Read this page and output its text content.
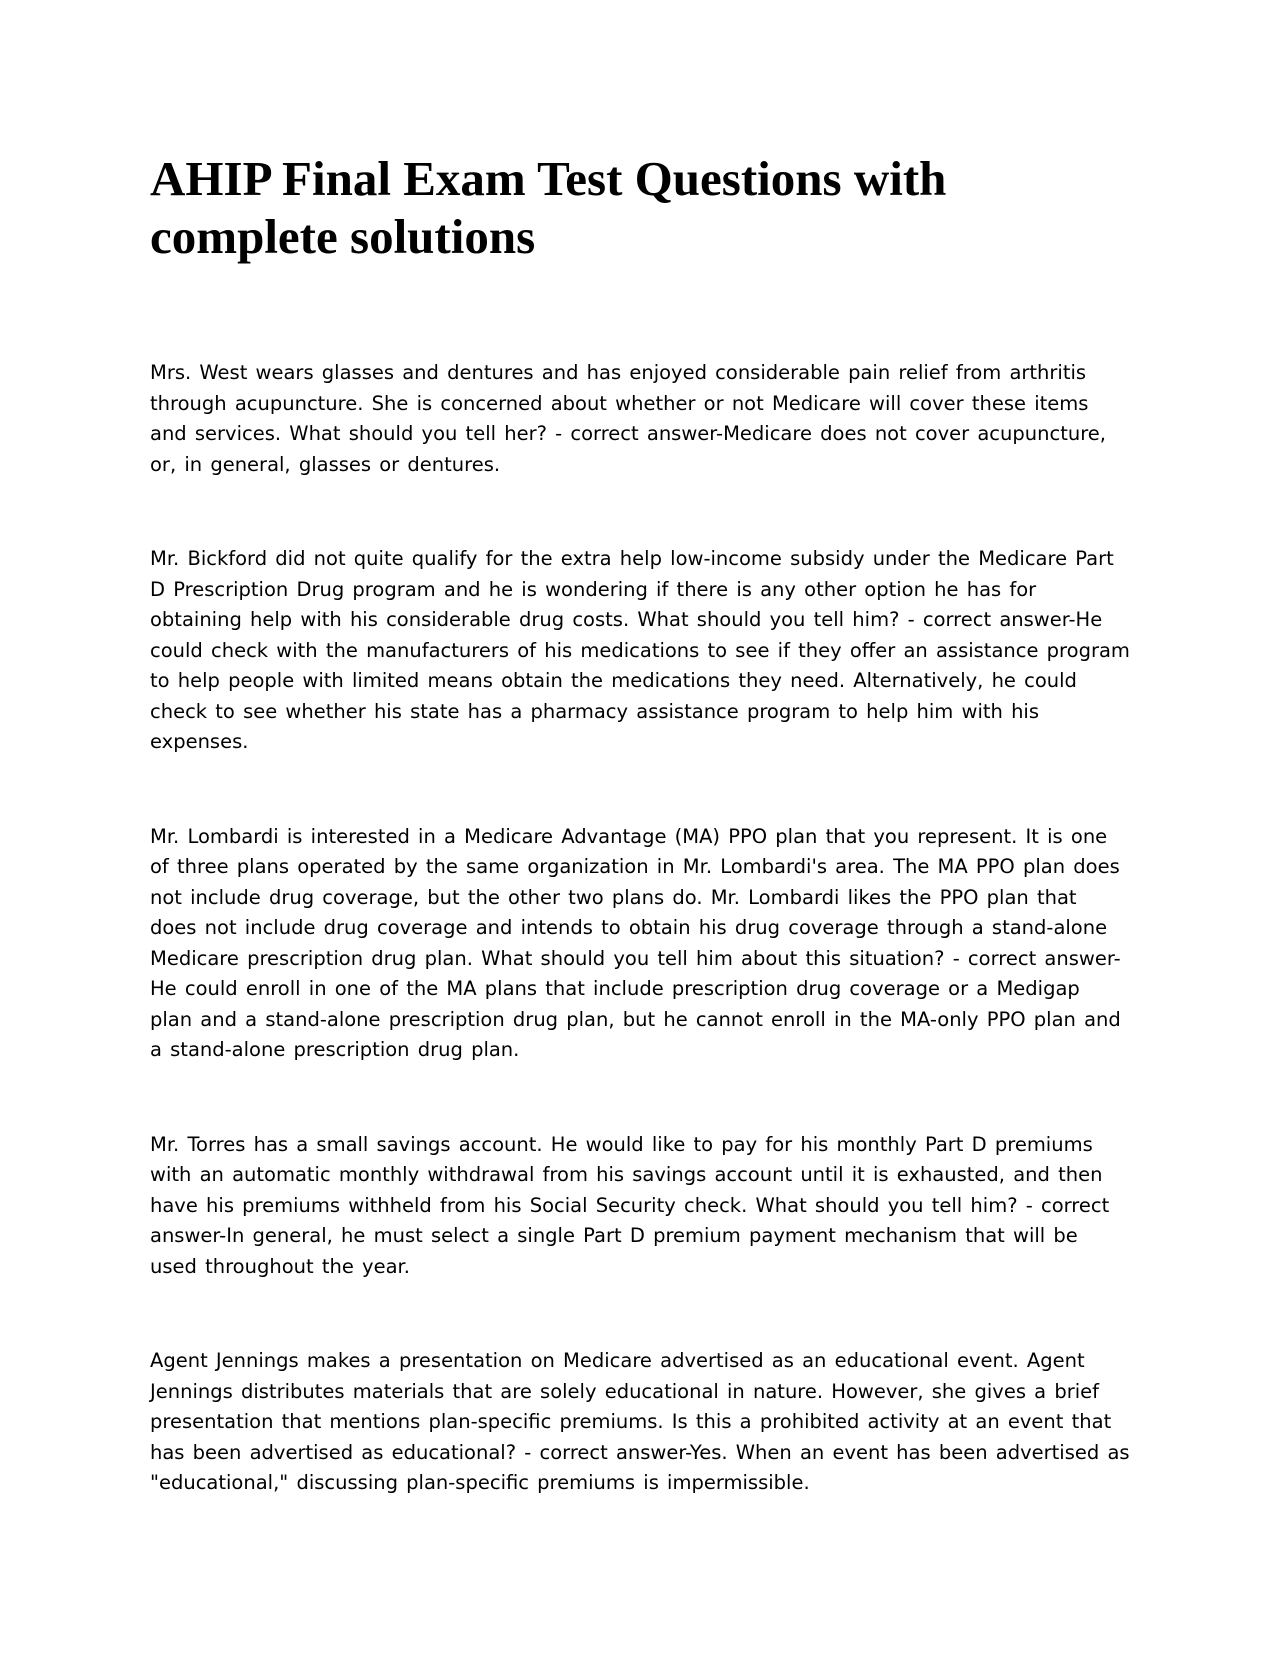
AHIP Final Exam Test Questions with complete solutions

Mrs. West wears glasses and dentures and has enjoyed considerable pain relief from arthritis through acupuncture. She is concerned about whether or not Medicare will cover these items and services. What should you tell her? - correct answer-Medicare does not cover acupuncture, or, in general, glasses or dentures.

Mr. Bickford did not quite qualify for the extra help low-income subsidy under the Medicare Part D Prescription Drug program and he is wondering if there is any other option he has for obtaining help with his considerable drug costs. What should you tell him? - correct answer-He could check with the manufacturers of his medications to see if they offer an assistance program to help people with limited means obtain the medications they need. Alternatively, he could check to see whether his state has a pharmacy assistance program to help him with his expenses.

Mr. Lombardi is interested in a Medicare Advantage (MA) PPO plan that you represent. It is one of three plans operated by the same organization in Mr. Lombardi's area. The MA PPO plan does not include drug coverage, but the other two plans do. Mr. Lombardi likes the PPO plan that does not include drug coverage and intends to obtain his drug coverage through a stand-alone Medicare prescription drug plan. What should you tell him about this situation? - correct answer-He could enroll in one of the MA plans that include prescription drug coverage or a Medigap plan and a stand-alone prescription drug plan, but he cannot enroll in the MA-only PPO plan and a stand-alone prescription drug plan.

Mr. Torres has a small savings account. He would like to pay for his monthly Part D premiums with an automatic monthly withdrawal from his savings account until it is exhausted, and then have his premiums withheld from his Social Security check. What should you tell him? - correct answer-In general, he must select a single Part D premium payment mechanism that will be used throughout the year.

Agent Jennings makes a presentation on Medicare advertised as an educational event. Agent Jennings distributes materials that are solely educational in nature. However, she gives a brief presentation that mentions plan-specific premiums. Is this a prohibited activity at an event that has been advertised as educational? - correct answer-Yes. When an event has been advertised as "educational," discussing plan-specific premiums is impermissible.
